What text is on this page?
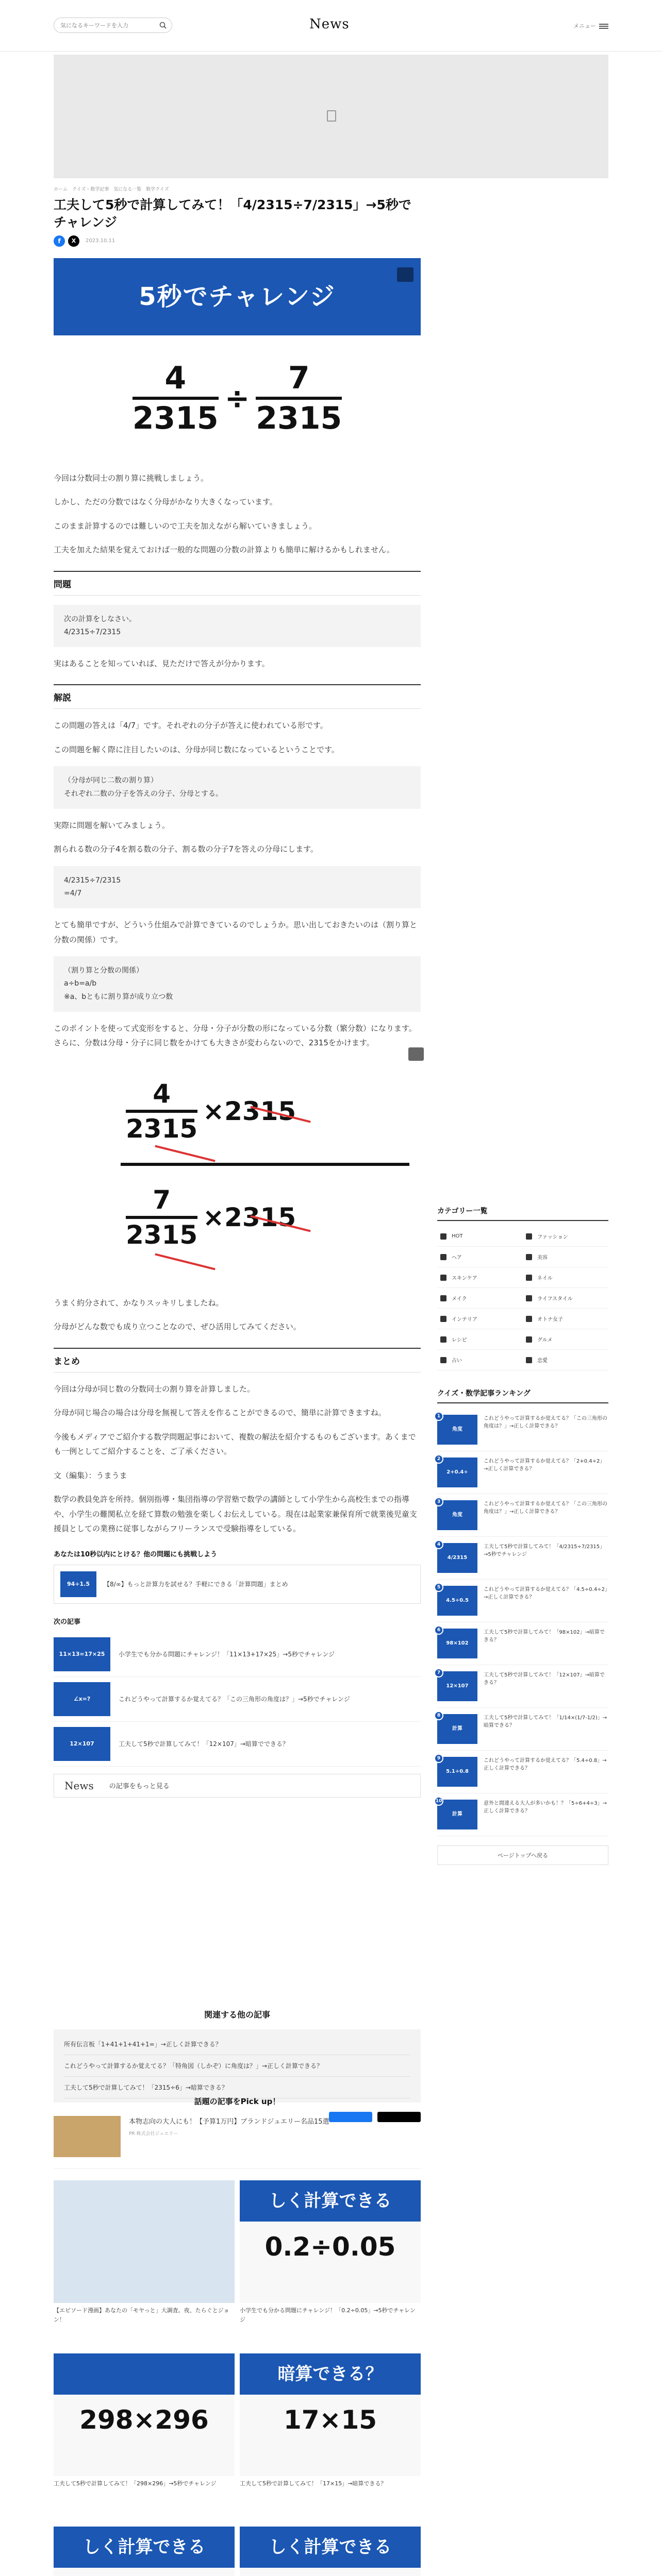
気になるキーワードを入力
News	メニュー
ホーム クイズ・数学記事 気になる一覧 数学クイズ
工夫して5秒で計算してみて！「4/2315÷7/2315」→5秒でチャレンジ
f	X	2023.10.11
5秒でチャレンジ
4
2315
÷
7
2315

今回は分数同士の割り算に挑戦しましょう。

しかし、ただの分数ではなく分母がかなり大きくなっています。

このまま計算するのでは難しいので工夫を加えながら解いていきましょう。

工夫を加えた結果を覚えておけば一般的な問題の分数の計算よりも簡単に解けるかもしれません。

問題
次の計算をしなさい。
4/2315÷7/2315

実はあることを知っていれば、見ただけで答えが分かります。

解説

この問題の答えは「4/7」です。それぞれの分子が答えに使われている形です。

この問題を解く際に注目したいのは、分母が同じ数になっているということです。

（分母が同じ二数の割り算）
それぞれ二数の分子を答えの分子、分母とする。

実際に問題を解いてみましょう。

割られる数の分子4を割る数の分子、割る数の分子7を答えの分母にします。

4/2315÷7/2315
=4/7

とても簡単ですが、どういう仕組みで計算できているのでしょうか。思い出しておきたいのは（割り算と分数の関係）です。

（割り算と分数の関係）
a÷b=a/b
※a、bともに割り算が成り立つ数

このポイントを使って式変形をすると、分母・分子が分数の形になっている分数（繁分数）になります。さらに、分数は分母・分子に同じ数をかけても大きさが変わらないので、2315をかけます。

4
2315
×2315
7
2315
×2315

うまく約分されて、かなりスッキリしましたね。

分母がどんな数でも成り立つことなので、ぜひ活用してみてください。

まとめ

今回は分母が同じ数の分数同士の割り算を計算しました。

分母が同じ場合の場合は分母を無視して答えを作ることができるので、簡単に計算できますね。

今後もメディアでご紹介する数学問題記事において、複数の解法を紹介するものもございます。あくまでも一例としてご紹介することを、ご了承ください。

文（編集）：うまうま

数学の教員免許を所持。個別指導・集団指導の学習塾で数学の講師として小学生から高校生までの指導や、小学生の難関私立を経て算数の勉強を楽しくお伝えしている。現在は起業家兼保育所で就業後児童支援員としての業務に従事しながらフリーランスで受験指導をしている。

あなたは10秒以内にとける？他の問題にも挑戦しよう
94÷1.5	【8/∞】もっと計算力を試せる？手軽にできる「計算問題」まとめ
次の記事
11×13=17×25	小学生でも分かる問題にチャレンジ！「11×13+17×25」→5秒でチャレンジ
∠x=?	これどうやって計算するか覚えてる？「この三角形の角度は？」→5秒でチャレンジ
12×107	工夫して5秒で計算してみて！「12×107」→暗算でできる？
News の記事をもっと見る
カテゴリー一覧
HOT	ファッション
ヘア	美容
スキンケア	ネイル
メイク	ライフスタイル
インテリア	オトナ女子
レシピ	グルメ
占い	恋愛
クイズ・数学記事ランキング
1
角度
これどうやって計算するか覚えてる？「この三角形の角度は？」→正しく計算できる？
2
2+0.4÷
これどうやって計算するか覚えてる？「2+0.4÷2」→正しく計算できる？
3
角度
これどうやって計算するか覚えてる？「この三角形の角度は？」→正しく計算できる？
4
4/2315
工夫して5秒で計算してみて！「4/2315÷7/2315」→5秒でチャレンジ
5
4.5÷0.5
これどうやって計算するか覚えてる？「4.5÷0.4÷2」→正しく計算できる？
6
98×102
工夫して5秒で計算してみて！「98×102」→暗算できる？
7
12×107
工夫して5秒で計算してみて！「12×107」→暗算できる？
8
計算
工夫して5秒で計算してみて！「1/14×(1/7-1/2)」→暗算できる？
9
5.1÷0.8
これどうやって計算するか覚えてる？「5.4÷0.8」→正しく計算できる？
10
計算
意外と間違える大人が多いかも！？「5÷6+4÷3」→正しく計算できる？
ページトップへ戻る
関連する他の記事
所有伝言板「1+41+1+41+1=」→正しく計算できる？
これどうやって計算するか覚えてる？「特角図（しかぞ）に角度は？」→正しく計算できる？
工夫して5秒で計算してみて！「2315÷6」→暗算できる？
話題の記事をPick up！
本物志向の大人にも！【予算1万円】ブランドジュエリー名品15選
PR 株式会社ジュエリー
【エピソード漫画】あなたの「モヤっと」大調査。夜、たらぐとジョン！
しく計算できる
0.2÷0.05
小学生でも分かる問題にチャレンジ！「0.2÷0.05」→5秒でチャレンジ
298×296
工夫して5秒で計算してみて！「298×296」→5秒でチャレンジ
暗算できる？
17×15
工夫して5秒で計算してみて！「17×15」→暗算できる？
しく計算できる	しく計算できる
